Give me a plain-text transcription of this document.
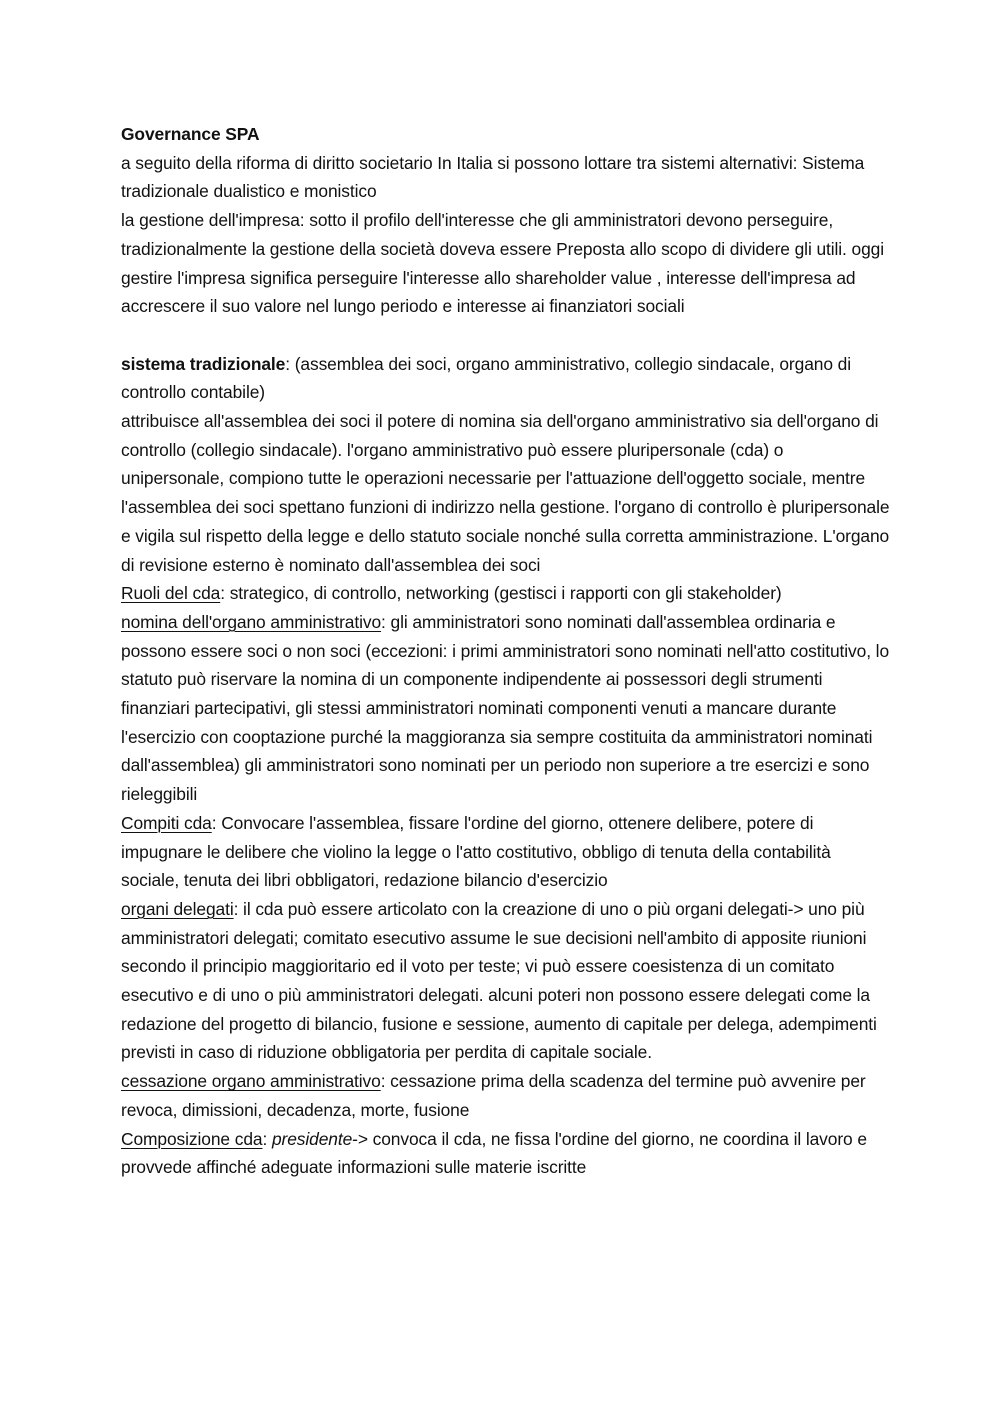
Governance SPA

a seguito della riforma di diritto societario In Italia si possono lottare tra sistemi alternativi: Sistema tradizionale dualistico e monistico

la gestione dell'impresa: sotto il profilo dell'interesse che gli amministratori devono perseguire, tradizionalmente la gestione della società doveva essere Preposta allo scopo di dividere gli utili. oggi gestire l'impresa significa perseguire l'interesse allo shareholder value , interesse dell'impresa ad accrescere il suo valore nel lungo periodo e interesse ai finanziatori sociali

sistema tradizionale: (assemblea dei soci, organo amministrativo, collegio sindacale, organo di controllo contabile)

attribuisce all'assemblea dei soci il potere di nomina sia dell'organo amministrativo sia dell'organo di controllo (collegio sindacale). l'organo amministrativo può essere pluripersonale (cda) o unipersonale, compiono tutte le operazioni necessarie per l'attuazione dell'oggetto sociale, mentre l'assemblea dei soci spettano funzioni di indirizzo nella gestione. l'organo di controllo è pluripersonale e vigila sul rispetto della legge e dello statuto sociale nonché sulla corretta amministrazione. L'organo di revisione esterno è nominato dall'assemblea dei soci

Ruoli del cda: strategico, di controllo, networking (gestisci i rapporti con gli stakeholder)

nomina dell'organo amministrativo: gli amministratori sono nominati dall'assemblea ordinaria e possono essere soci o non soci (eccezioni: i primi amministratori sono nominati nell'atto costitutivo, lo statuto può riservare la nomina di un componente indipendente ai possessori degli strumenti finanziari partecipativi, gli stessi amministratori nominati componenti venuti a mancare durante l'esercizio con cooptazione purché la maggioranza sia sempre costituita da amministratori nominati dall'assemblea) gli amministratori sono nominati per un periodo non superiore a tre esercizi e sono rieleggibili

Compiti cda: Convocare l'assemblea, fissare l'ordine del giorno, ottenere delibere, potere di impugnare le delibere che violino la legge o l'atto costitutivo, obbligo di tenuta della contabilità sociale, tenuta dei libri obbligatori, redazione bilancio d'esercizio

organi delegati: il cda può essere articolato con la creazione di uno o più organi delegati-> uno più amministratori delegati; comitato esecutivo assume le sue decisioni nell'ambito di apposite riunioni secondo il principio maggioritario ed il voto per teste; vi può essere coesistenza di un comitato esecutivo e di uno o più amministratori delegati. alcuni poteri non possono essere delegati come la redazione del progetto di bilancio, fusione e sessione, aumento di capitale per delega, adempimenti previsti in caso di riduzione obbligatoria per perdita di capitale sociale.

cessazione organo amministrativo: cessazione prima della scadenza del termine può avvenire per revoca, dimissioni, decadenza, morte, fusione

Composizione cda: presidente-> convoca il cda, ne fissa l'ordine del giorno, ne coordina il lavoro e provvede affinché adeguate informazioni sulle materie iscritte
